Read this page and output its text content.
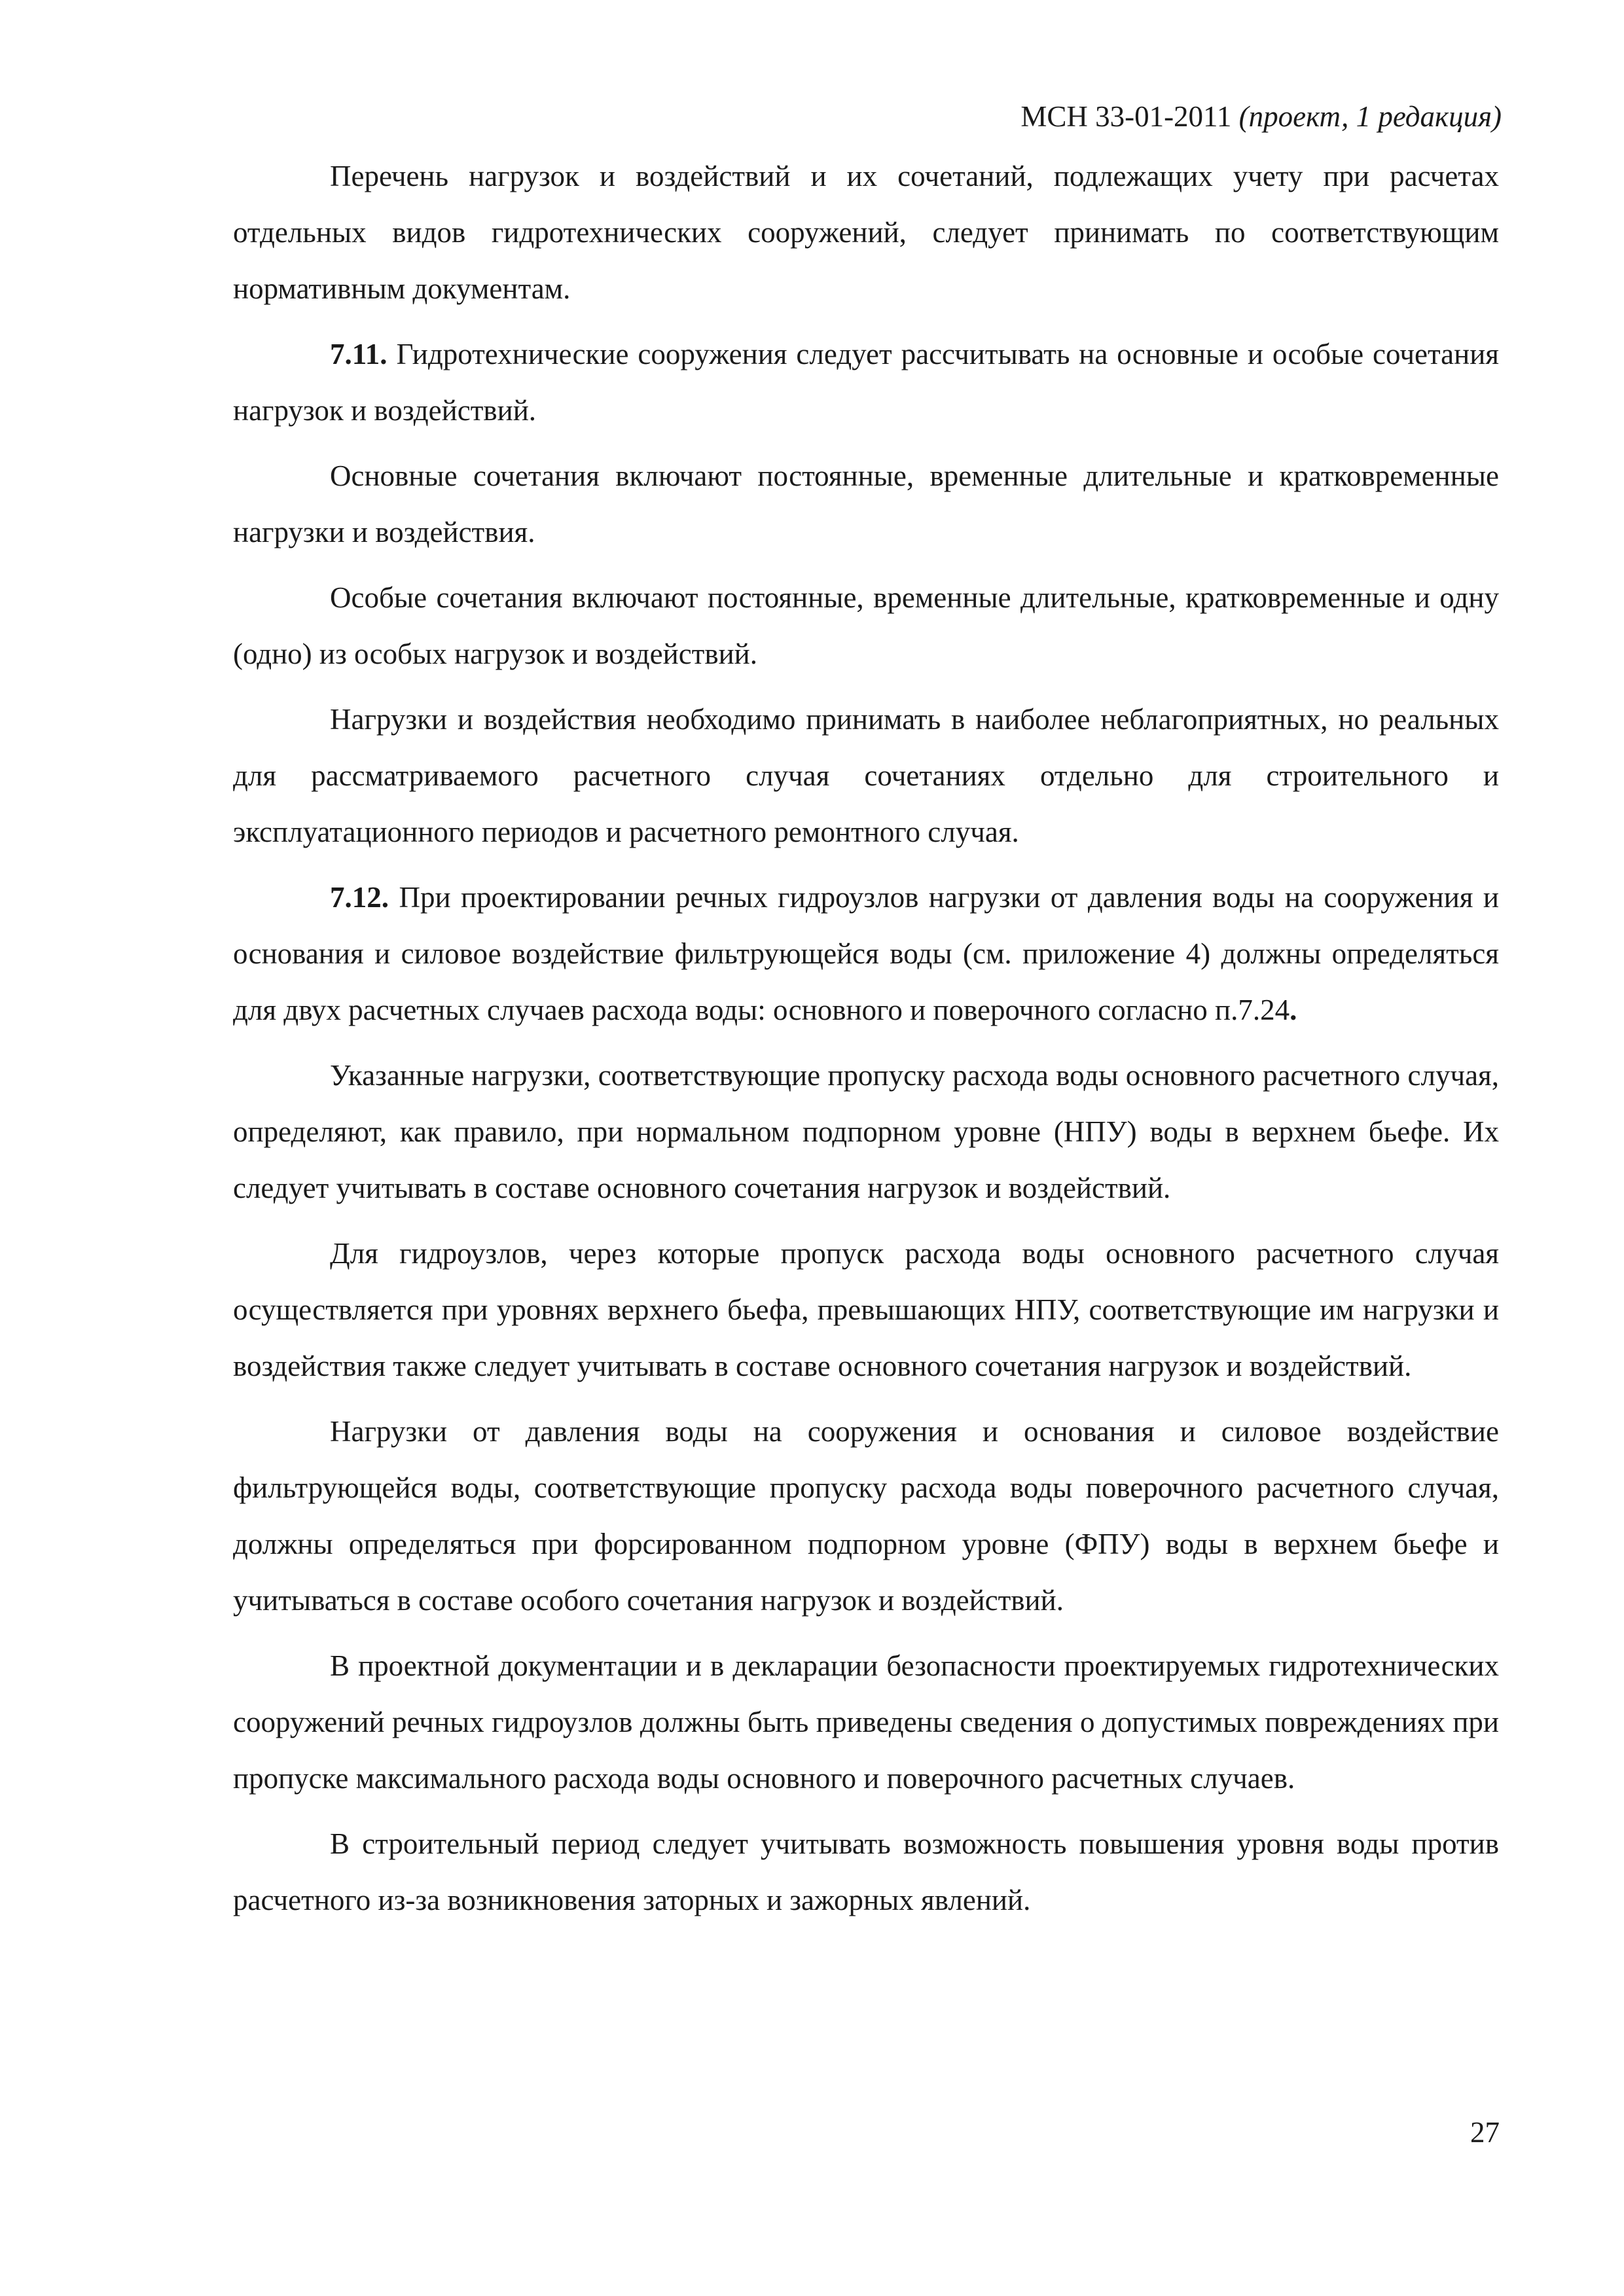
МСН 33-01-2011 (проект, 1 редакция)

Перечень нагрузок и воздействий и их сочетаний, подлежащих учету при расчетах отдельных видов гидротехнических сооружений, следует принимать по соответствующим нормативным документам.

7.11. Гидротехнические сооружения следует рассчитывать на основные и особые сочетания нагрузок и воздействий.

Основные сочетания включают постоянные, временные длительные и кратковременные нагрузки и воздействия.

Особые сочетания включают постоянные, временные длительные, кратковременные и одну (одно) из особых нагрузок и воздействий.

Нагрузки и воздействия необходимо принимать в наиболее неблагоприятных, но реальных для рассматриваемого расчетного случая сочетаниях отдельно для строительного и эксплуатационного периодов и расчетного ремонтного случая.

7.12. При проектировании речных гидроузлов нагрузки от давления воды на сооружения и основания и силовое воздействие фильтрующейся воды (см. приложение 4) должны определяться для двух расчетных случаев расхода воды: основного и поверочного согласно п.7.24.

Указанные нагрузки, соответствующие пропуску расхода воды основного расчетного случая, определяют, как правило, при нормальном подпорном уровне (НПУ) воды в верхнем бьефе. Их следует учитывать в составе основного сочетания нагрузок и воздействий.

Для гидроузлов, через которые пропуск расхода воды основного расчетного случая осуществляется при уровнях верхнего бьефа, превышающих НПУ, соответствующие им нагрузки и воздействия также следует учитывать в составе основного сочетания нагрузок и воздействий.

Нагрузки от давления воды на сооружения и основания и силовое воздействие фильтрующейся воды, соответствующие пропуску расхода воды поверочного расчетного случая, должны определяться при форсированном подпорном уровне (ФПУ) воды в верхнем бьефе и учитываться в составе особого сочетания нагрузок и воздействий.

В проектной документации и в декларации безопасности проектируемых гидротехнических сооружений речных гидроузлов должны быть приведены сведения о допустимых повреждениях при пропуске максимального расхода воды основного и поверочного расчетных случаев.

В строительный период следует учитывать возможность повышения уровня воды против расчетного из-за возникновения заторных и зажорных явлений.

27
